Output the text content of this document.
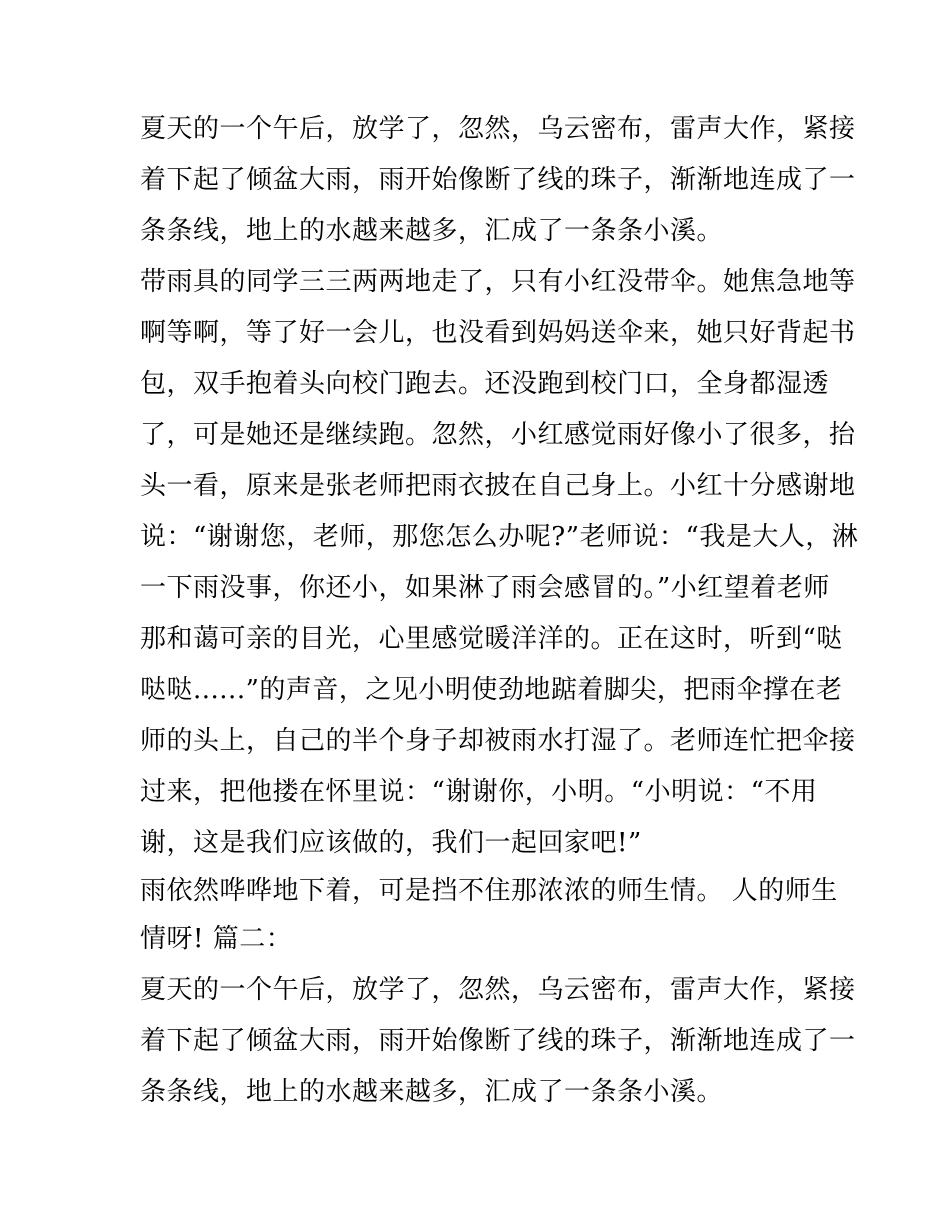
夏天的一个午后，放学了，忽然，乌云密布，雷声大作，紧接
着下起了倾盆大雨，雨开始像断了线的珠子，渐渐地连成了一
条条线，地上的水越来越多，汇成了一条条小溪。
带雨具的同学三三两两地走了，只有小红没带伞。她焦急地等
啊等啊，等了好一会儿，也没看到妈妈送伞来，她只好背起书
包，双手抱着头向校门跑去。还没跑到校门口，全身都湿透
了，可是她还是继续跑。忽然，小红感觉雨好像小了很多，抬
头一看，原来是张老师把雨衣披在自己身上。小红十分感谢地
说：“谢谢您，老师，那您怎么办呢?”老师说：“我是大人，淋
一下雨没事，你还小，如果淋了雨会感冒的。”小红望着老师
那和蔼可亲的目光，心里感觉暖洋洋的。正在这时，听到“哒
哒哒......”的声音，之见小明使劲地踮着脚尖，把雨伞撑在老
师的头上，自己的半个身子却被雨水打湿了。老师连忙把伞接
过来，把他搂在怀里说：“谢谢你，小明。“小明说：“不用
谢，这是我们应该做的，我们一起回家吧!”
雨依然哗哗地下着，可是挡不住那浓浓的师生情。 人的师生
情呀! 篇二：
夏天的一个午后，放学了，忽然，乌云密布，雷声大作，紧接
着下起了倾盆大雨，雨开始像断了线的珠子，渐渐地连成了一
条条线，地上的水越来越多，汇成了一条条小溪。
